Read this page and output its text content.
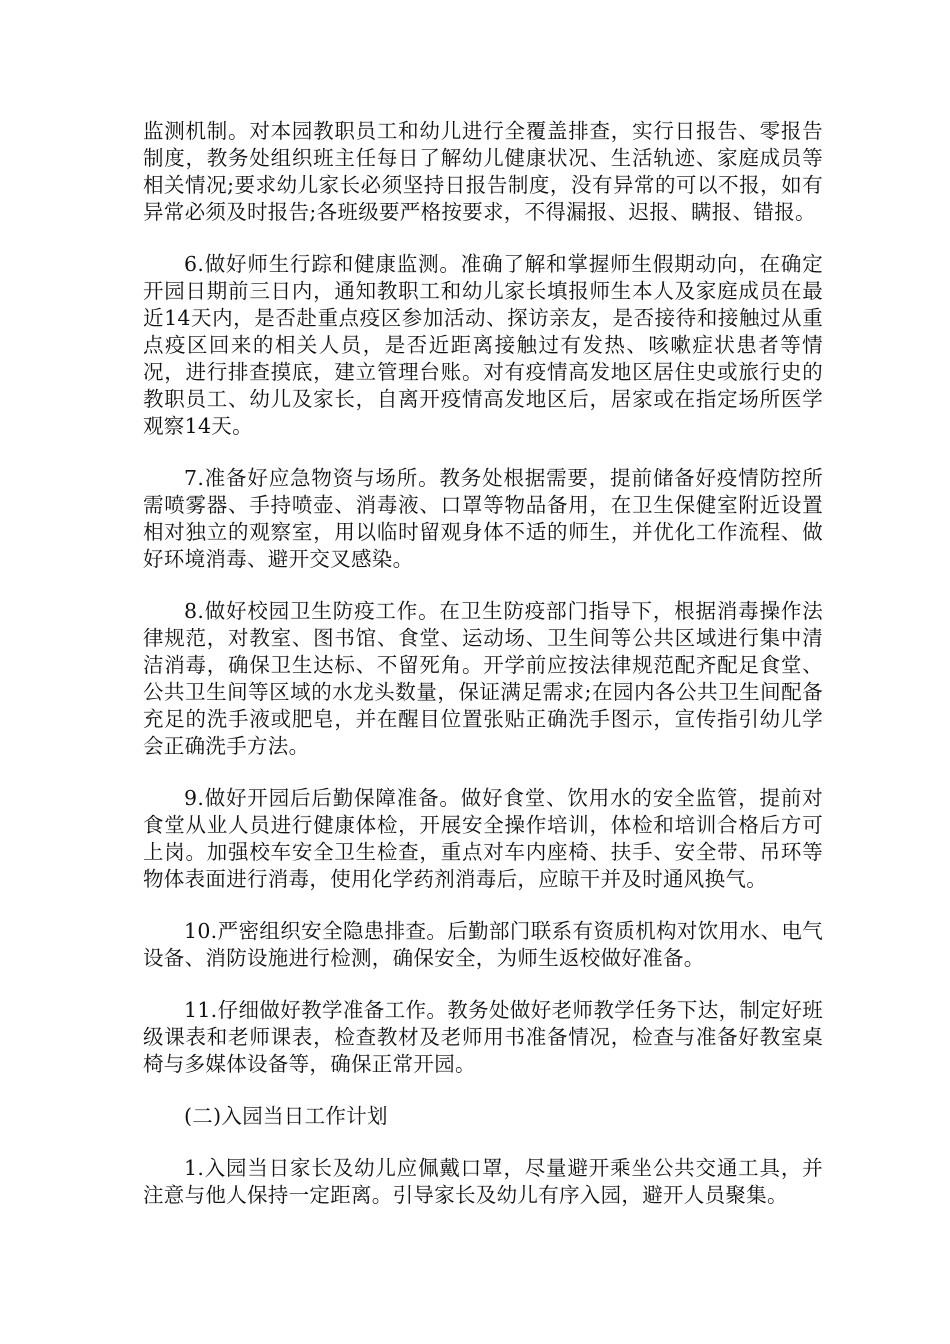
监测机制。对本园教职员工和幼儿进行全覆盖排查，实行日报告、零报告制度，教务处组织班主任每日了解幼儿健康状况、生活轨迹、家庭成员等相关情况;要求幼儿家长必须坚持日报告制度，没有异常的可以不报，如有异常必须及时报告;各班级要严格按要求，不得漏报、迟报、瞒报、错报。

6.做好师生行踪和健康监测。准确了解和掌握师生假期动向，在确定开园日期前三日内，通知教职工和幼儿家长填报师生本人及家庭成员在最近14天内，是否赴重点疫区参加活动、探访亲友，是否接待和接触过从重点疫区回来的相关人员，是否近距离接触过有发热、咳嗽症状患者等情况，进行排查摸底，建立管理台账。对有疫情高发地区居住史或旅行史的教职员工、幼儿及家长，自离开疫情高发地区后，居家或在指定场所医学观察14天。

7.准备好应急物资与场所。教务处根据需要，提前储备好疫情防控所需喷雾器、手持喷壶、消毒液、口罩等物品备用，在卫生保健室附近设置相对独立的观察室，用以临时留观身体不适的师生，并优化工作流程、做好环境消毒、避开交叉感染。

8.做好校园卫生防疫工作。在卫生防疫部门指导下，根据消毒操作法律规范，对教室、图书馆、食堂、运动场、卫生间等公共区域进行集中清洁消毒，确保卫生达标、不留死角。开学前应按法律规范配齐配足食堂、公共卫生间等区域的水龙头数量，保证满足需求;在园内各公共卫生间配备充足的洗手液或肥皂，并在醒目位置张贴正确洗手图示，宣传指引幼儿学会正确洗手方法。

9.做好开园后后勤保障准备。做好食堂、饮用水的安全监管，提前对食堂从业人员进行健康体检，开展安全操作培训，体检和培训合格后方可上岗。加强校车安全卫生检查，重点对车内座椅、扶手、安全带、吊环等物体表面进行消毒，使用化学药剂消毒后，应晾干并及时通风换气。

10.严密组织安全隐患排查。后勤部门联系有资质机构对饮用水、电气设备、消防设施进行检测，确保安全，为师生返校做好准备。

11.仔细做好教学准备工作。教务处做好老师教学任务下达，制定好班级课表和老师课表，检查教材及老师用书准备情况，检查与准备好教室桌椅与多媒体设备等，确保正常开园。

(二)入园当日工作计划

1.入园当日家长及幼儿应佩戴口罩，尽量避开乘坐公共交通工具，并注意与他人保持一定距离。引导家长及幼儿有序入园，避开人员聚集。
